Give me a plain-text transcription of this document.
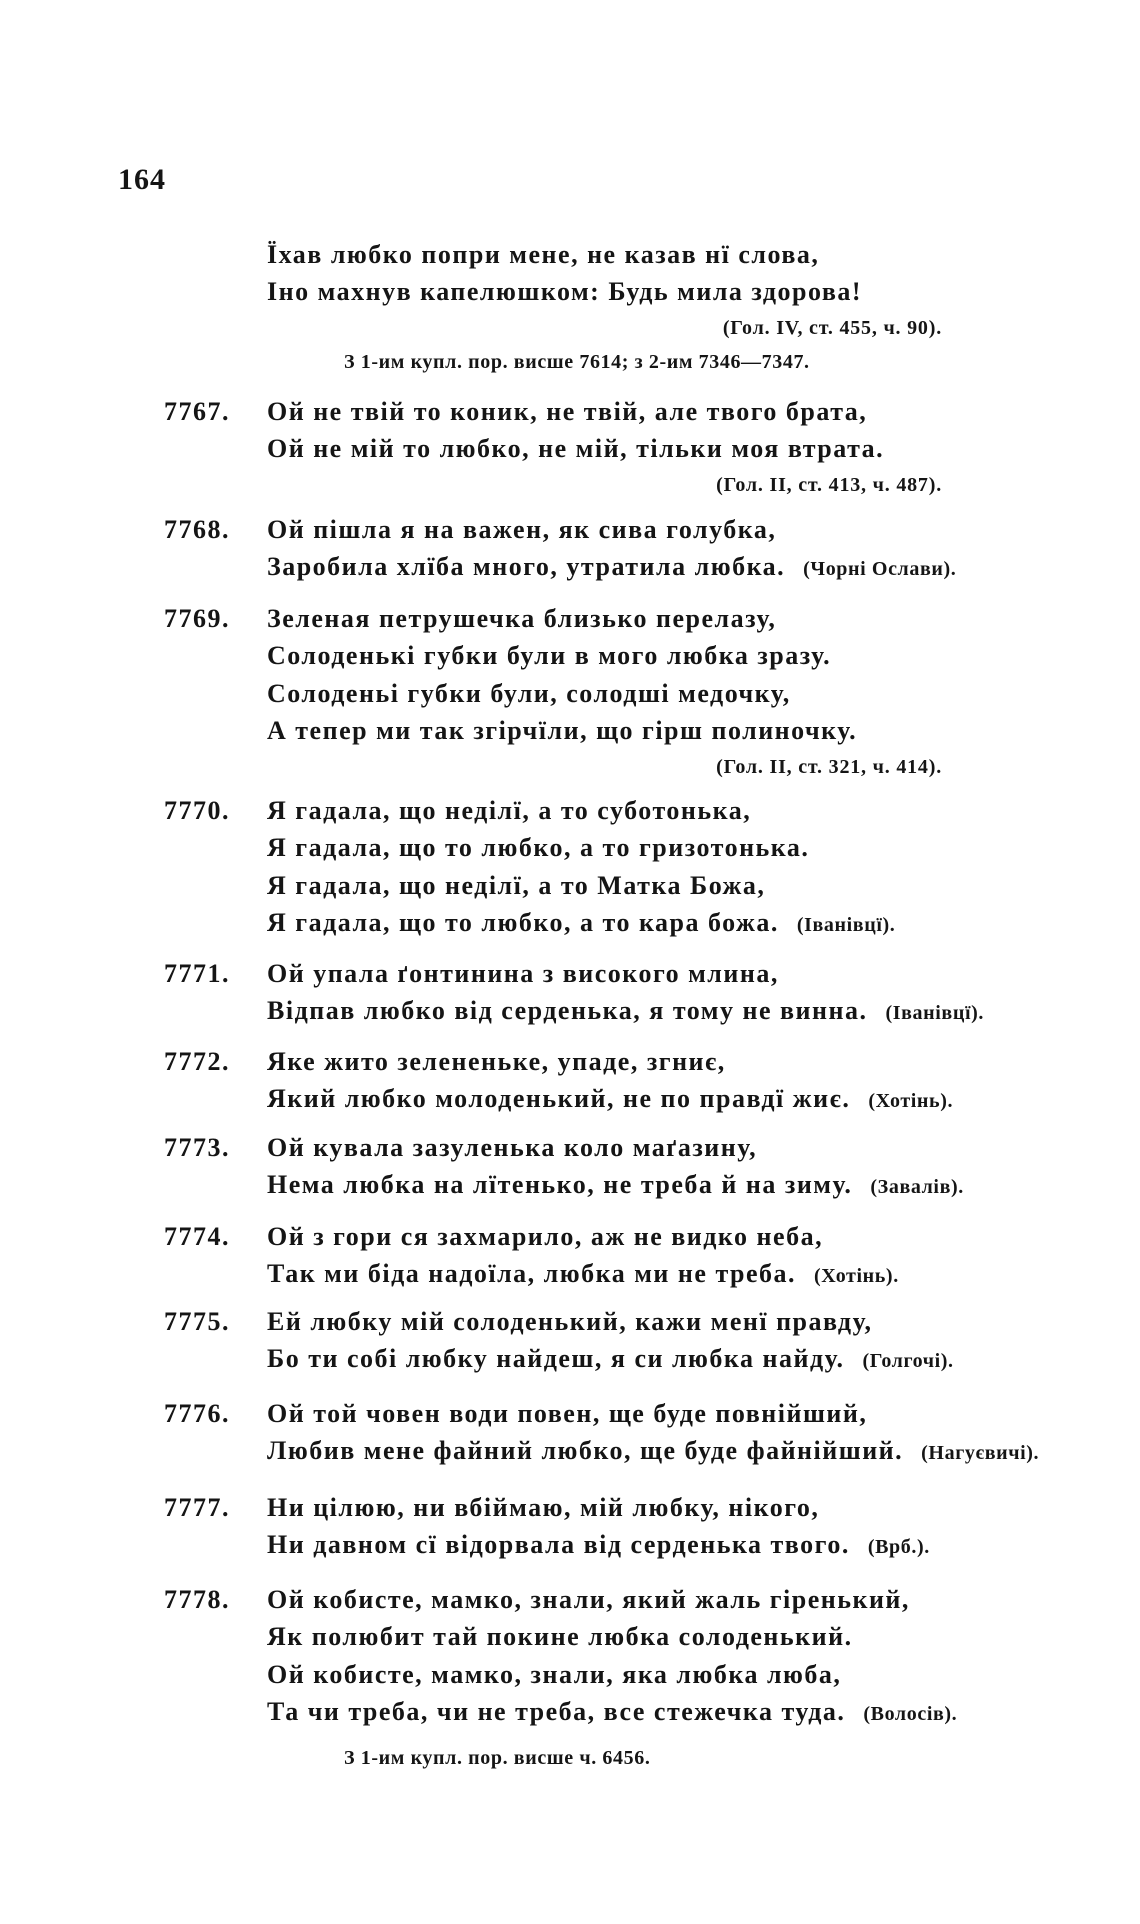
164
Їхав любко попри мене, не казав нї слова,
Іно махнув капелюшком: Будь мила здорова!
(Гол. IV, ст. 455, ч. 90).
З 1-им купл. пор. висше 7614; з 2-им 7346—7347.
7767. Ой не твій то коник, не твій, але твого брата,
Ой не мій то любко, не мій, тільки моя втрата.
(Гол. II, ст. 413, ч. 487).
7768. Ой пішла я на важен, як сива голубка,
Заробила хлїба много, утратила любка. (Чорні Ослави).
7769. Зеленая петрушечка близько перелазу,
Солоденькі губки були в мого любка зразу.
Солоденьі губки були, солодші медочку,
А тепер ми так згірчїли, що гірш полиночку.
(Гол. II, ст. 321, ч. 414).
7770. Я гадала, що неділї, а то суботонька,
Я гадала, що то любко, а то гризотонька.
Я гадала, що неділї, а то Матка Божа,
Я гадала, що то любко, а то кара божа. (Іванівцї).
7771. Ой упала ґонтинина з високого млина,
Відпав любко від серденька, я тому не винна. (Іванівцї).
7772. Яке жито зелененьке, упаде, згниє,
Який любко молоденький, не по правдї жиє. (Хотінь).
7773. Ой кувала зазуленька коло маґазину,
Нема любка на лїтенько, не треба й на зиму. (Завалів).
7774. Ой з гори ся захмарило, аж не видко неба,
Так ми біда надоїла, любка ми не треба. (Хотінь).
7775. Ей любку мій солоденький, кажи менї правду,
Бо ти собі любку найдеш, я си любка найду. (Голгочі).
7776. Ой той човен води повен, ще буде повнійший,
Любив мене файний любко, ще буде файнійший. (Нагуєвичі).
7777. Ни цілюю, ни вбіймаю, мій любку, нікого,
Ни давном сї відорвала від серденька твого. (Врб.).
7778. Ой кобисте, мамко, знали, який жаль гіренький,
Як полюбит тай покине любка солоденький.
Ой кобисте, мамко, знали, яка любка люба,
Та чи треба, чи не треба, все стежечка туда. (Волосів).
З 1-им купл. пор. висше ч. 6456.
